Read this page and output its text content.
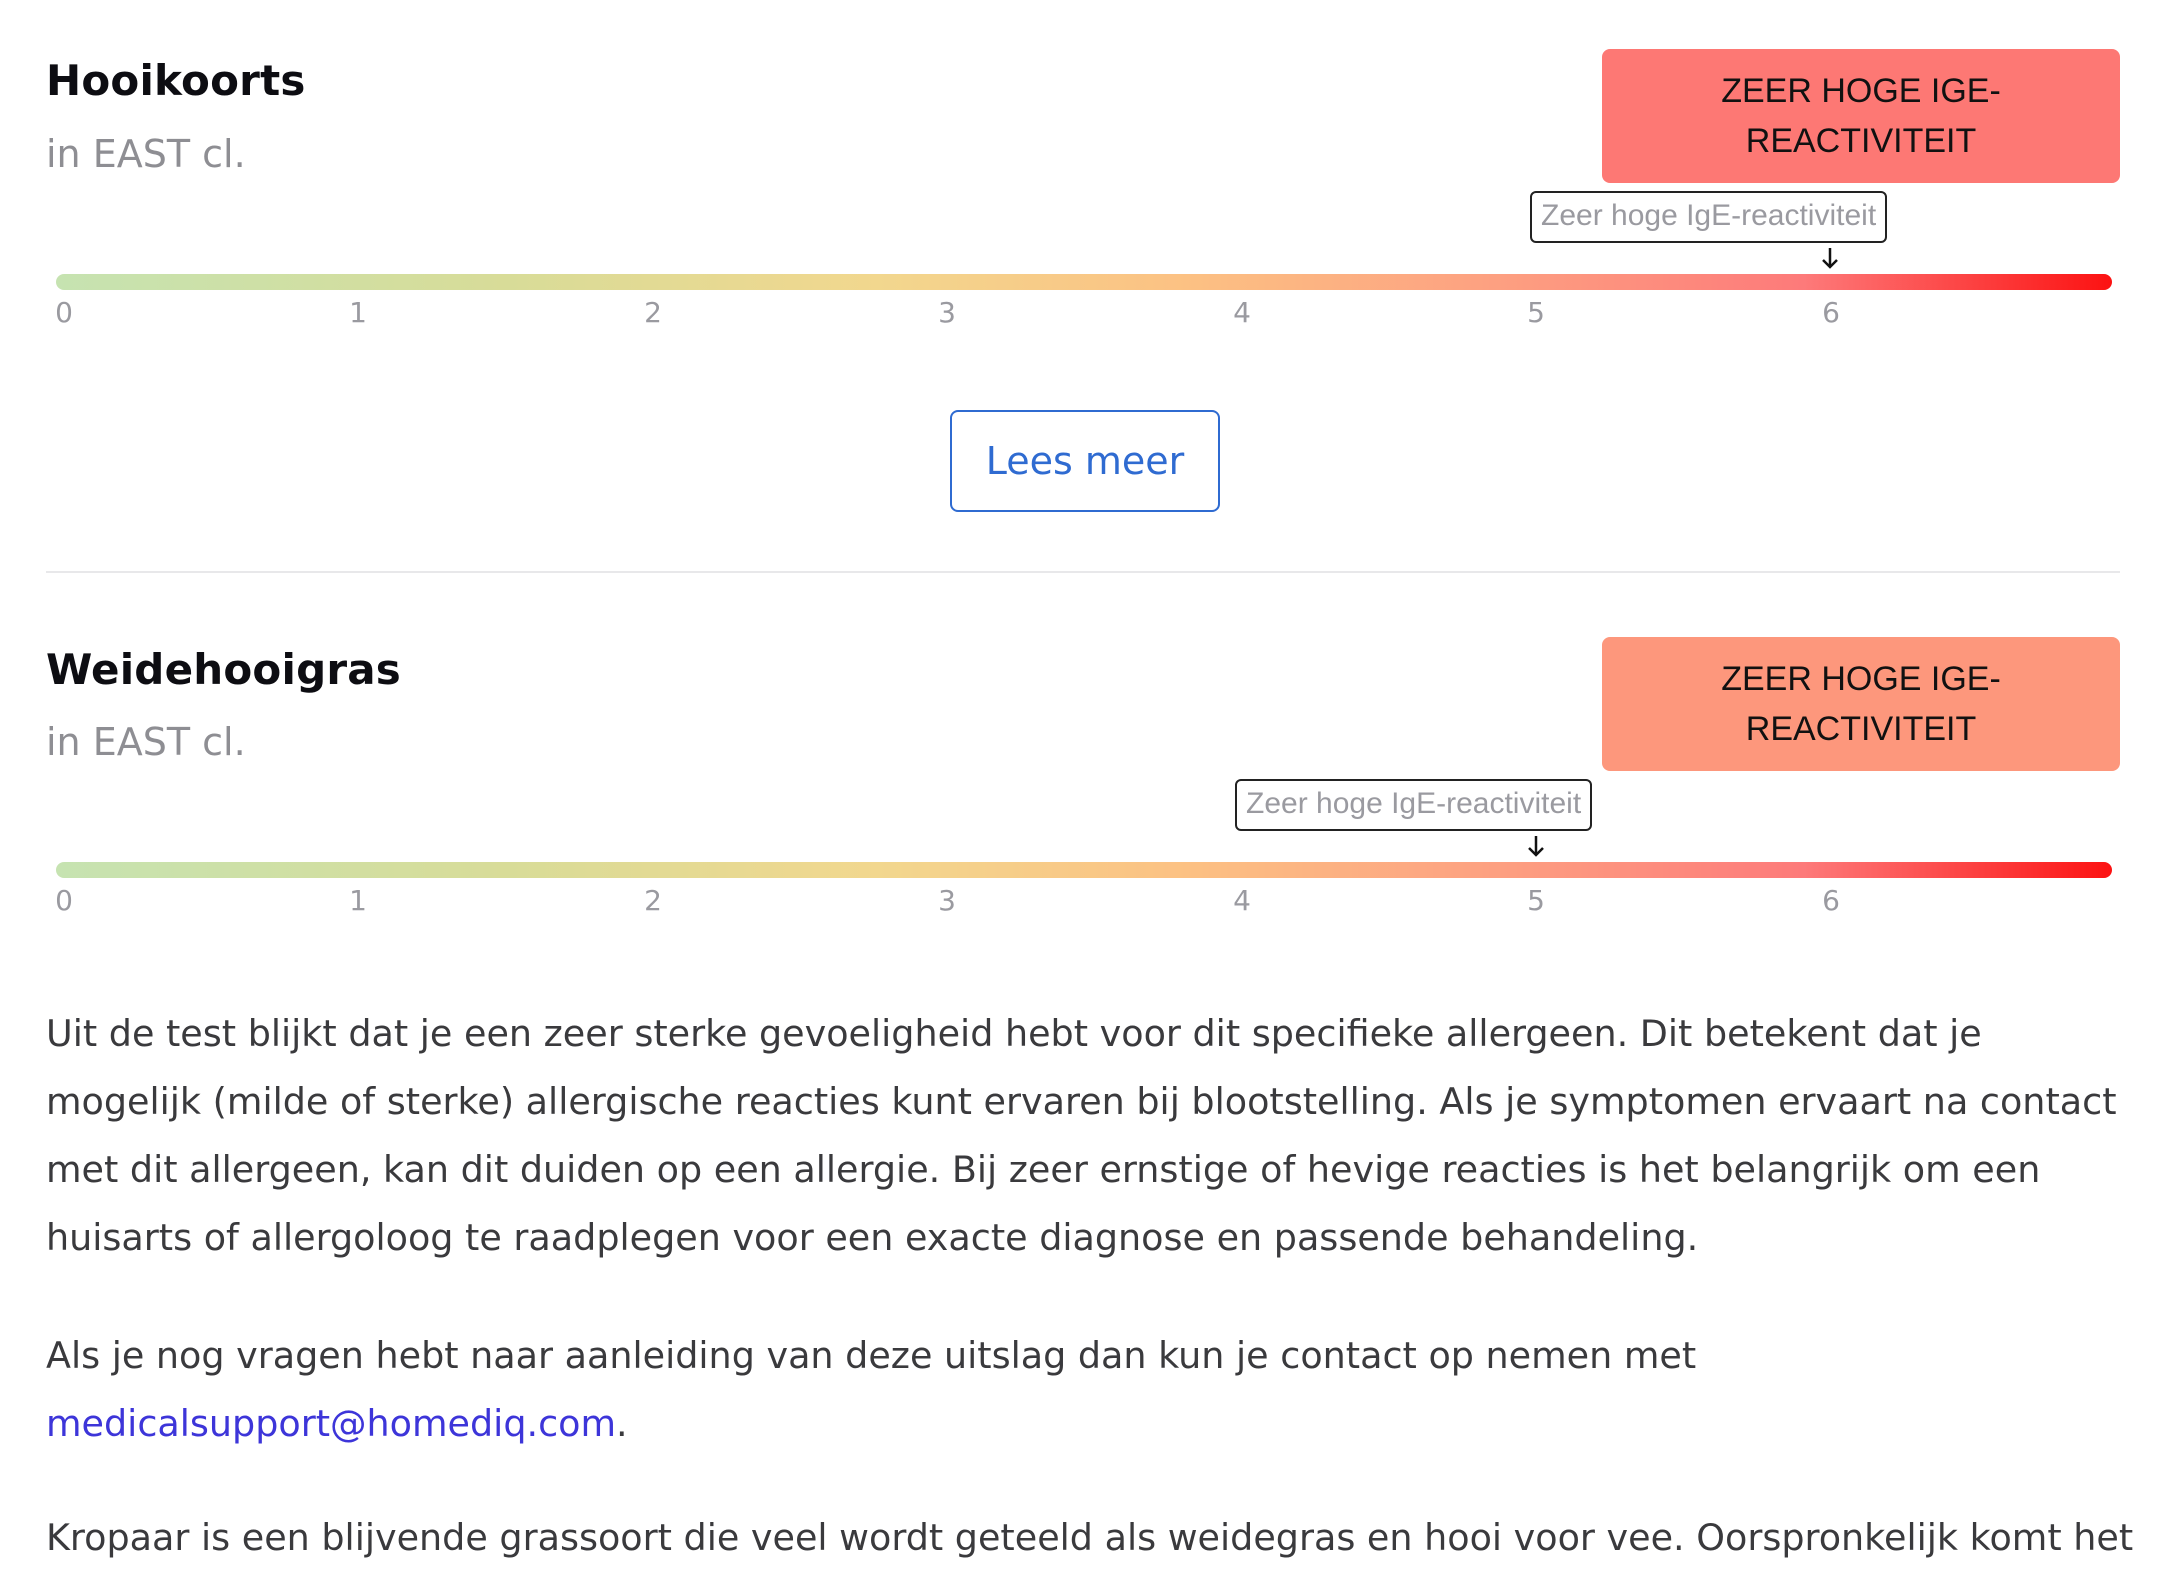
Hooikoorts
in EAST cl.
ZEER HOGE IGE-REACTIVITEIT
Zeer hoge IgE-reactiviteit
0	1	2	3	4	5	6
Lees meer
Weidehooigras
in EAST cl.
ZEER HOGE IGE-REACTIVITEIT
Zeer hoge IgE-reactiviteit
0	1	2	3	4	5	6

Uit de test blijkt dat je een zeer sterke gevoeligheid hebt voor dit specifieke allergeen. Dit betekent dat je mogelijk (milde of sterke) allergische reacties kunt ervaren bij blootstelling. Als je symptomen ervaart na contact met dit allergeen, kan dit duiden op een allergie. Bij zeer ernstige of hevige reacties is het belangrijk om een huisarts of allergoloog te raadplegen voor een exacte diagnose en passende behandeling.

Als je nog vragen hebt naar aanleiding van deze uitslag dan kun je contact op nemen met
medicalsupport@homediq.com.

Kropaar is een blijvende grassoort die veel wordt geteeld als weidegras en hooi voor vee. Oorspronkelijk komt het
